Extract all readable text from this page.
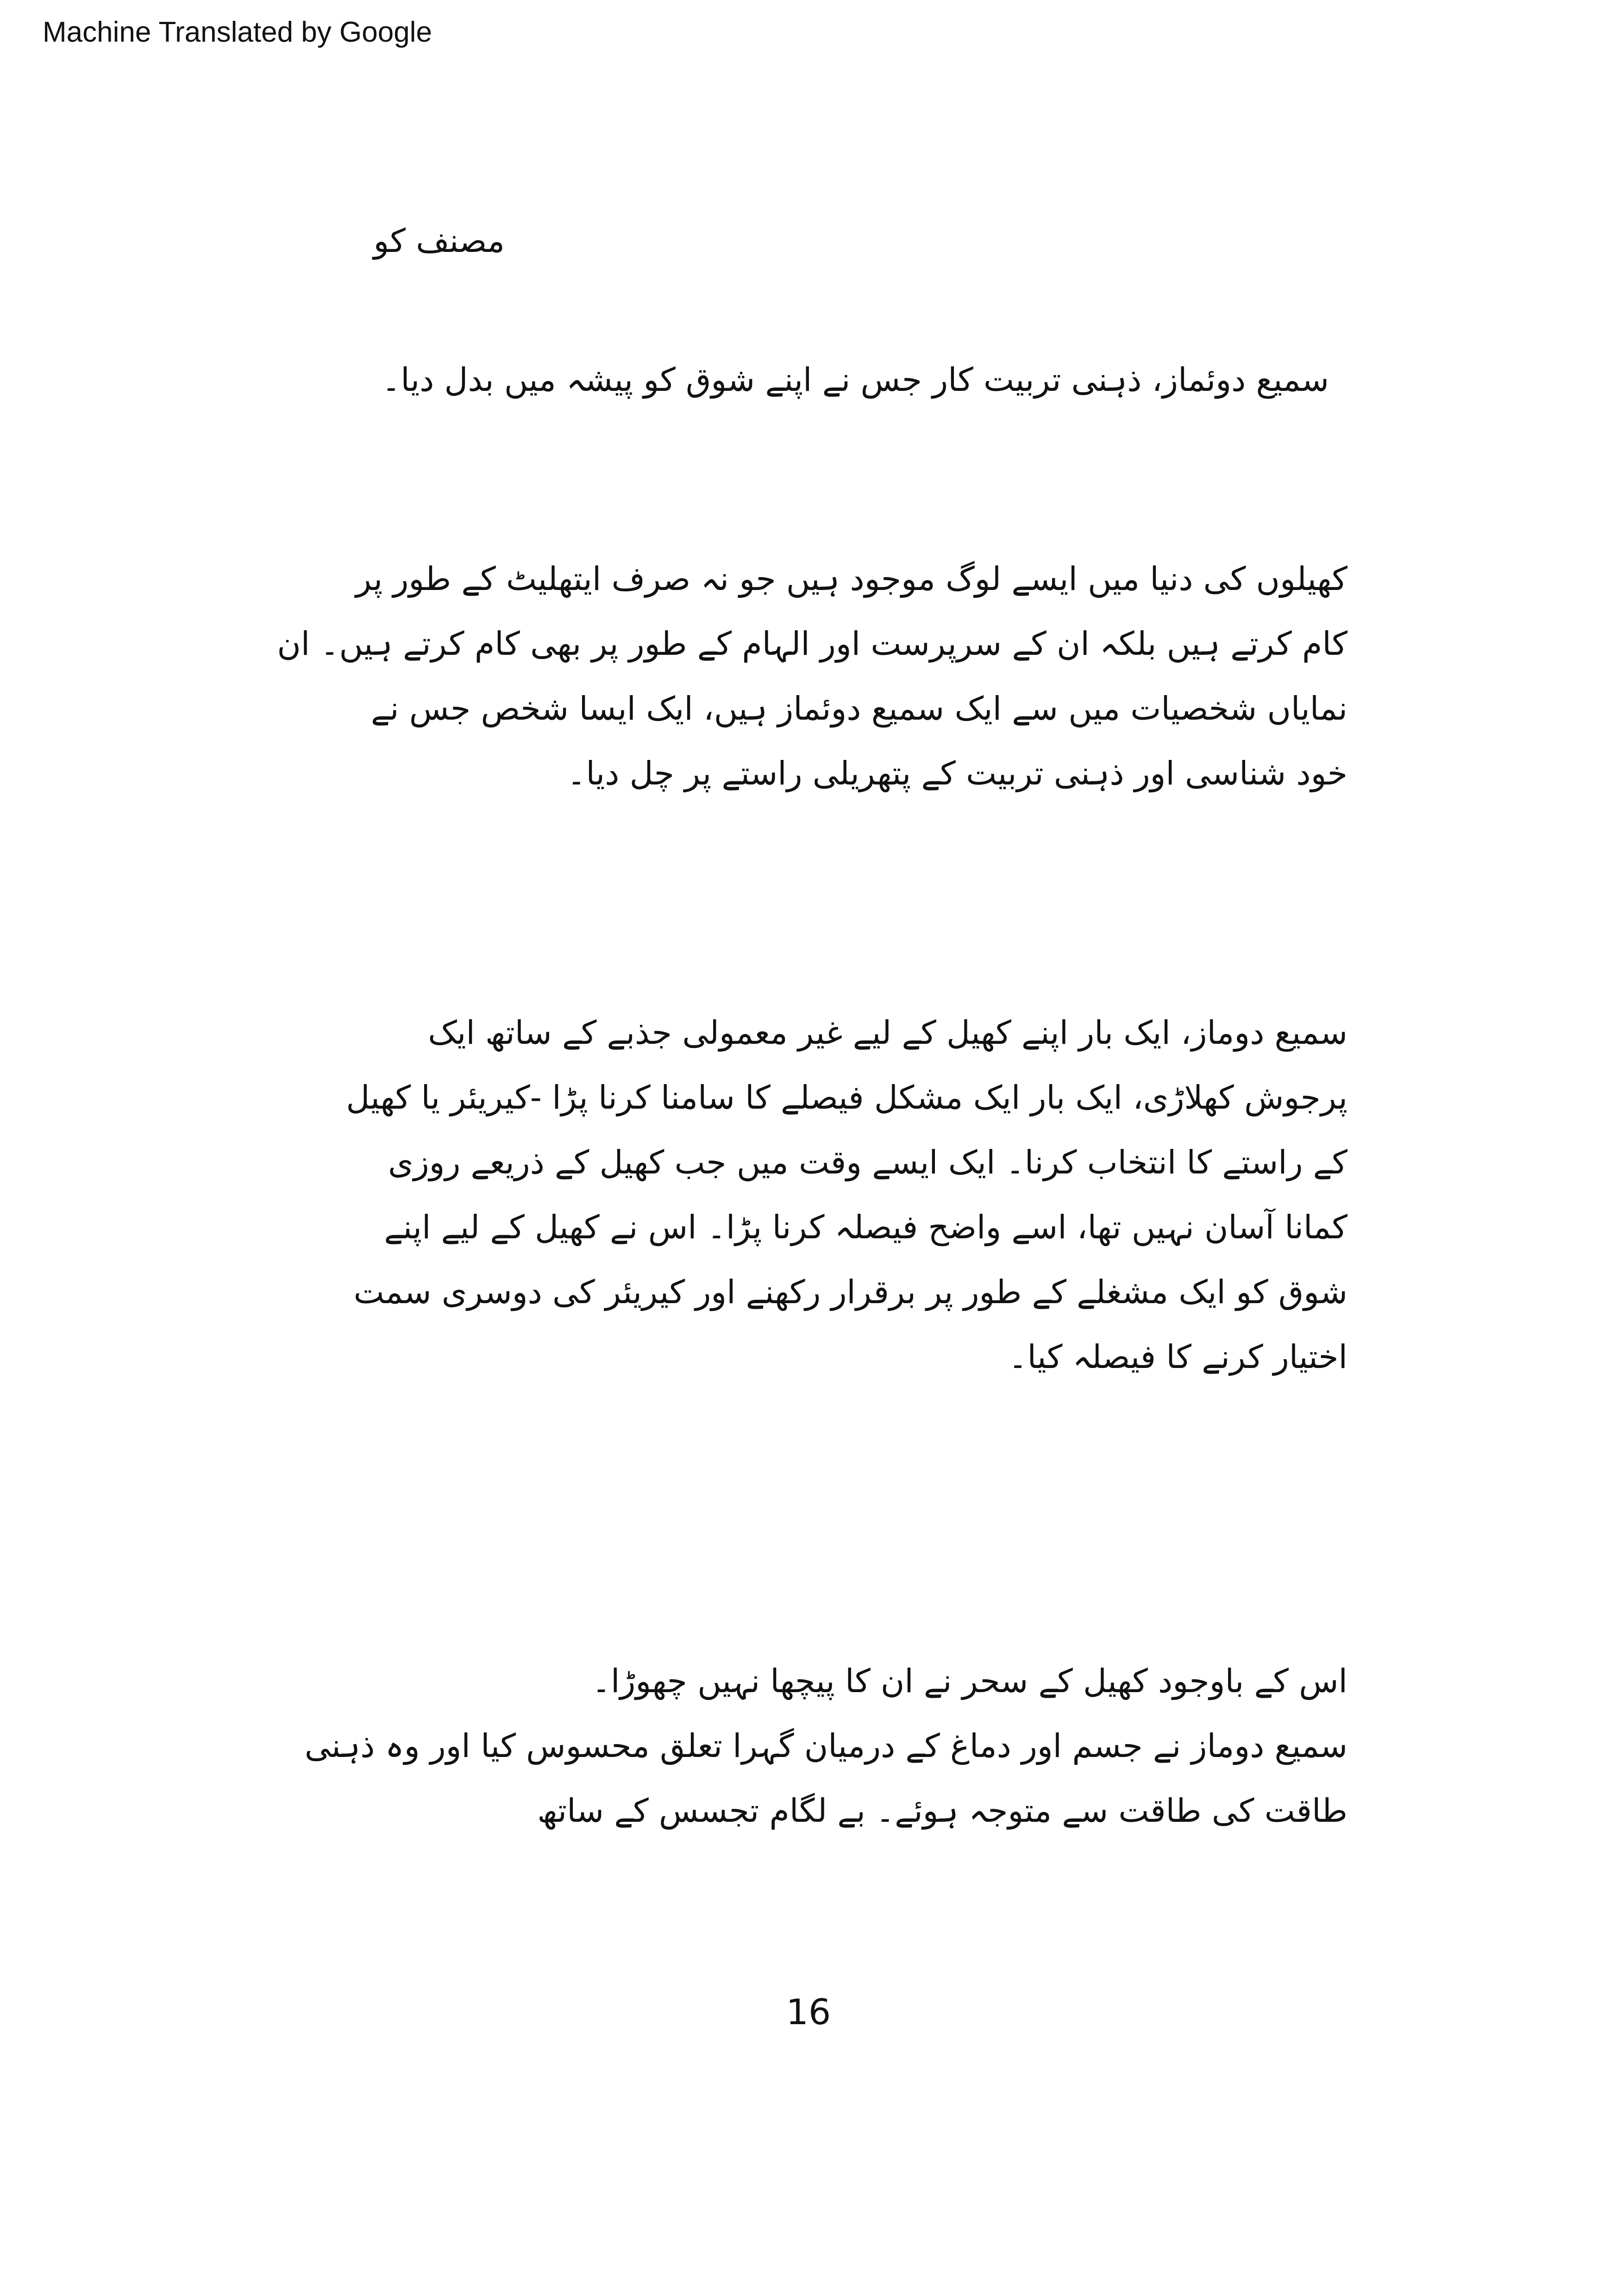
Machine Translated by Google
مصنف کو
سمیع دوئماز، ذہنی تربیت کار جس نے اپنے شوق کو پیشہ میں بدل دیا۔
کھیلوں کی دنیا میں ایسے لوگ موجود ہیں جو نہ صرف ایتھلیٹ کے طور پر
کام کرتے ہیں بلکہ ان کے سرپرست اور الہام کے طور پر بھی کام کرتے ہیں۔ ان
نمایاں شخصیات میں سے ایک سمیع دوئماز ہیں، ایک ایسا شخص جس نے
خود شناسی اور ذہنی تربیت کے پتھریلی راستے پر چل دیا۔
سمیع دوماز، ایک بار اپنے کھیل کے لیے غیر معمولی جذبے کے ساتھ ایک
پرجوش کھلاڑی، ایک بار ایک مشکل فیصلے کا سامنا کرنا پڑا -کیریئر یا کھیل
کے راستے کا انتخاب کرنا۔ ایک ایسے وقت میں جب کھیل کے ذریعے روزی
کمانا آسان نہیں تھا، اسے واضح فیصلہ کرنا پڑا۔ اس نے کھیل کے لیے اپنے
شوق کو ایک مشغلے کے طور پر برقرار رکھنے اور کیریئر کی دوسری سمت
اختیار کرنے کا فیصلہ کیا۔
اس کے باوجود کھیل کے سحر نے ان کا پیچھا نہیں چھوڑا۔
سمیع دوماز نے جسم اور دماغ کے درمیان گہرا تعلق محسوس کیا اور وہ ذہنی
طاقت کی طاقت سے متوجہ ہوئے۔ بے لگام تجسس کے ساتھ
16
